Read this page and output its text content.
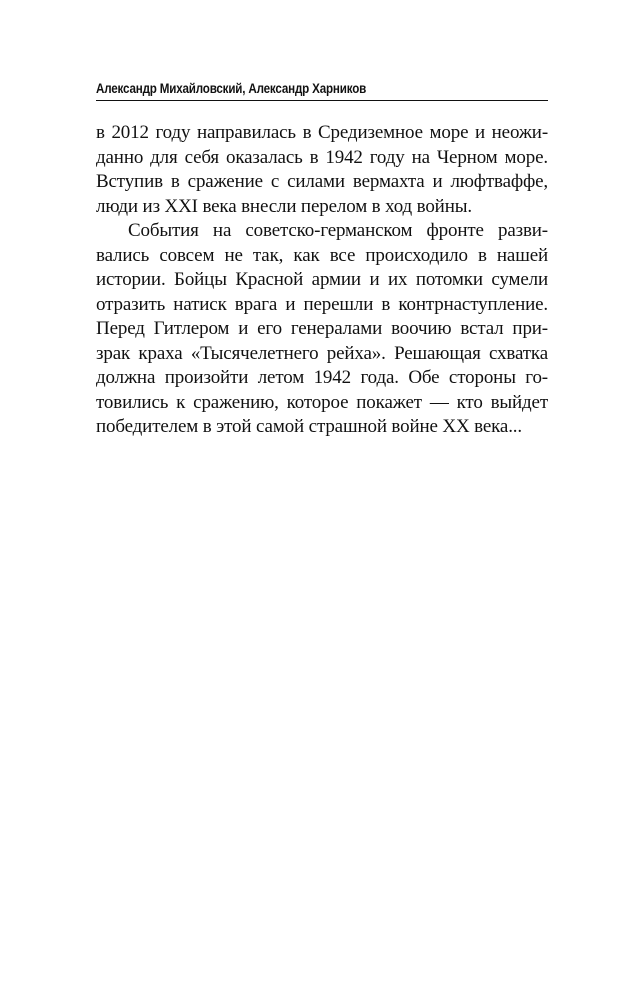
Александр Михайловский, Александр Харников
в 2012 году направилась в Средиземное море и неожи-
данно для себя оказалась в 1942 году на Черном море.
Вступив в сражение с силами вермахта и люфтваффе,
люди из XXI века внесли перелом в ход войны.
События на советско-германском фронте разви-
вались совсем не так, как все происходило в нашей
истории. Бойцы Красной армии и их потомки сумели
отразить натиск врага и перешли в контрнаступление.
Перед Гитлером и его генералами воочию встал при-
зрак краха «Тысячелетнего рейха». Решающая схватка
должна произойти летом 1942 года. Обе стороны го-
товились к сражению, которое покажет — кто выйдет
победителем в этой самой страшной войне XX века...
